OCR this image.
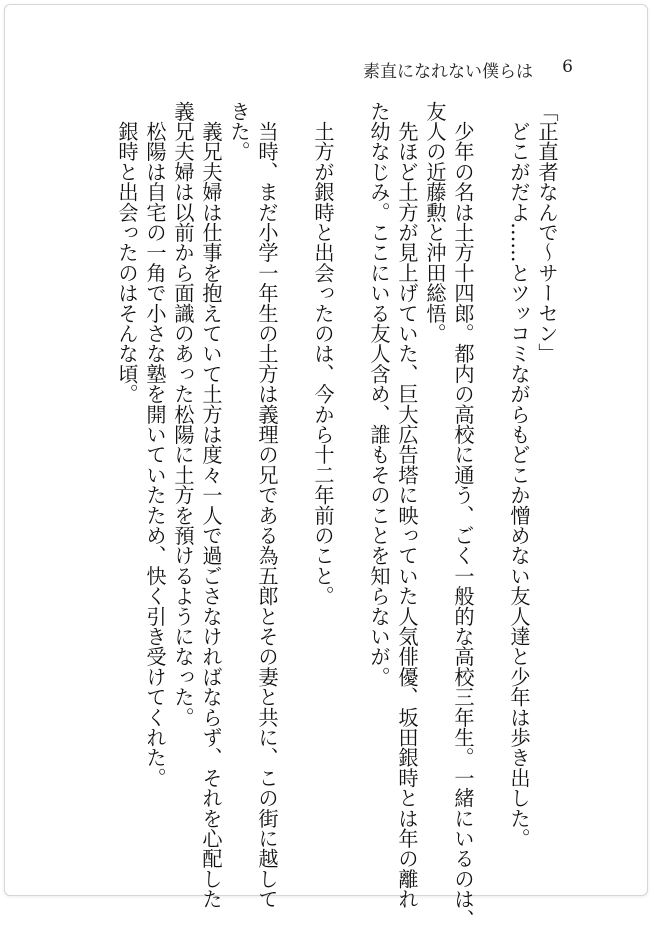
素直になれない僕らは 6

「正直者なんで〜サーセン」

　どこがだよ……とツッコミながらもどこか憎めない友人達と少年は歩き出した。

　少年の名は土方十四郎。都内の高校に通う、ごく一般的な高校三年生。一緒にいるのは、

友人の近藤勲と沖田総悟。

　先ほど土方が見上げていた、巨大広告塔に映っていた人気俳優、坂田銀時とは年の離れ

た幼なじみ。ここにいる友人含め、誰もそのことを知らないが。

　土方が銀時と出会ったのは、今から十二年前のこと。

　当時、まだ小学一年生の土方は義理の兄である為五郎とその妻と共に、この街に越して

きた。

　義兄夫婦は仕事を抱えていて土方は度々一人で過ごさなければならず、それを心配した

義兄夫婦は以前から面識のあった松陽に土方を預けるようになった。

　松陽は自宅の一角で小さな塾を開いていたため、快く引き受けてくれた。

　銀時と出会ったのはそんな頃。
